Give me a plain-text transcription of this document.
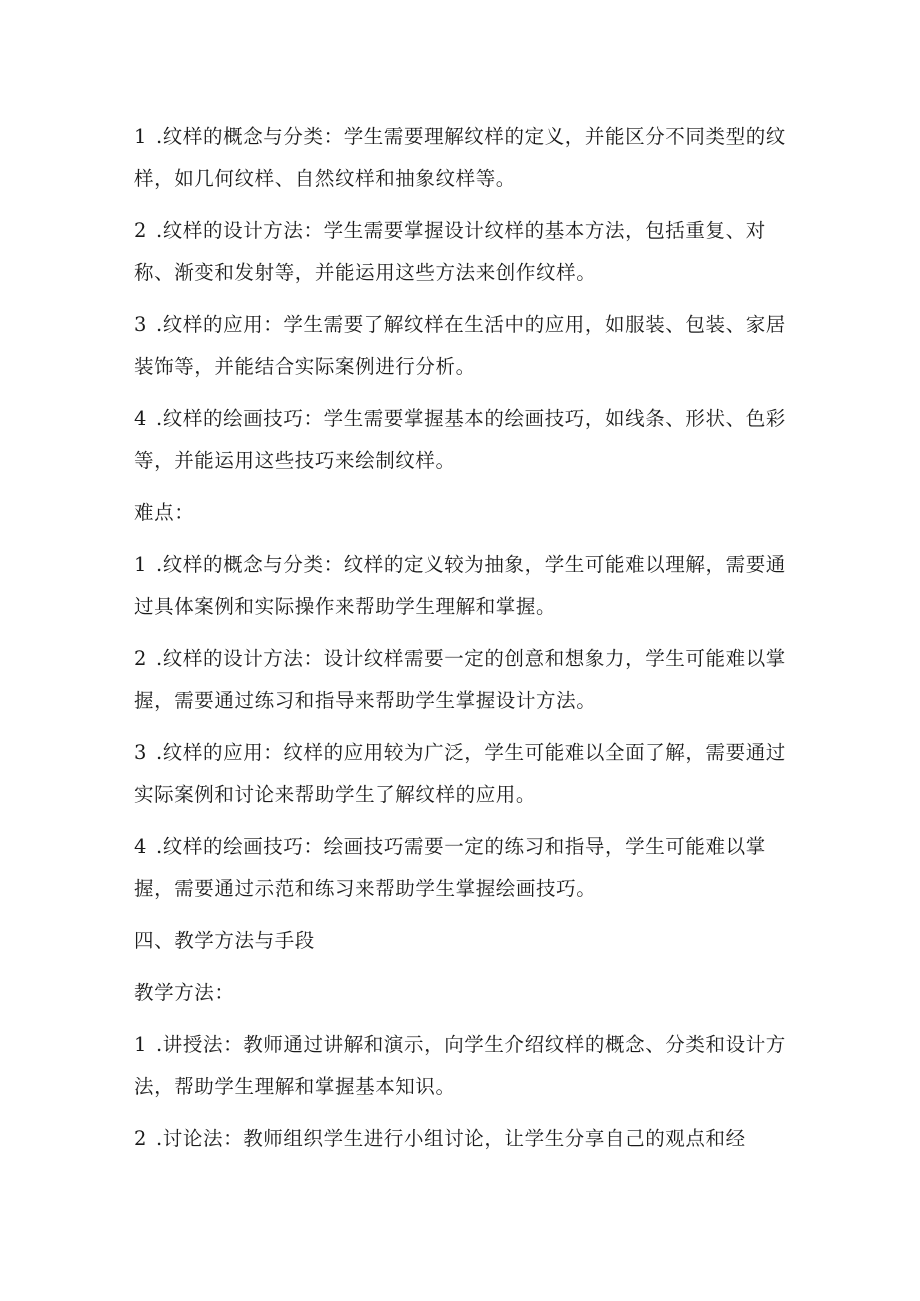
1 .纹样的概念与分类：学生需要理解纹样的定义，并能区分不同类型的纹样，如几何纹样、自然纹样和抽象纹样等。

2 .纹样的设计方法：学生需要掌握设计纹样的基本方法，包括重复、对称、渐变和发射等，并能运用这些方法来创作纹样。

3 .纹样的应用：学生需要了解纹样在生活中的应用，如服装、包装、家居装饰等，并能结合实际案例进行分析。

4 .纹样的绘画技巧：学生需要掌握基本的绘画技巧，如线条、形状、色彩等，并能运用这些技巧来绘制纹样。

难点：

1 .纹样的概念与分类：纹样的定义较为抽象，学生可能难以理解，需要通过具体案例和实际操作来帮助学生理解和掌握。

2 .纹样的设计方法：设计纹样需要一定的创意和想象力，学生可能难以掌握，需要通过练习和指导来帮助学生掌握设计方法。

3 .纹样的应用：纹样的应用较为广泛，学生可能难以全面了解，需要通过实际案例和讨论来帮助学生了解纹样的应用。

4 .纹样的绘画技巧：绘画技巧需要一定的练习和指导，学生可能难以掌握，需要通过示范和练习来帮助学生掌握绘画技巧。

四、教学方法与手段

教学方法：

1 .讲授法：教师通过讲解和演示，向学生介绍纹样的概念、分类和设计方法，帮助学生理解和掌握基本知识。

2 .讨论法：教师组织学生进行小组讨论，让学生分享自己的观点和经
